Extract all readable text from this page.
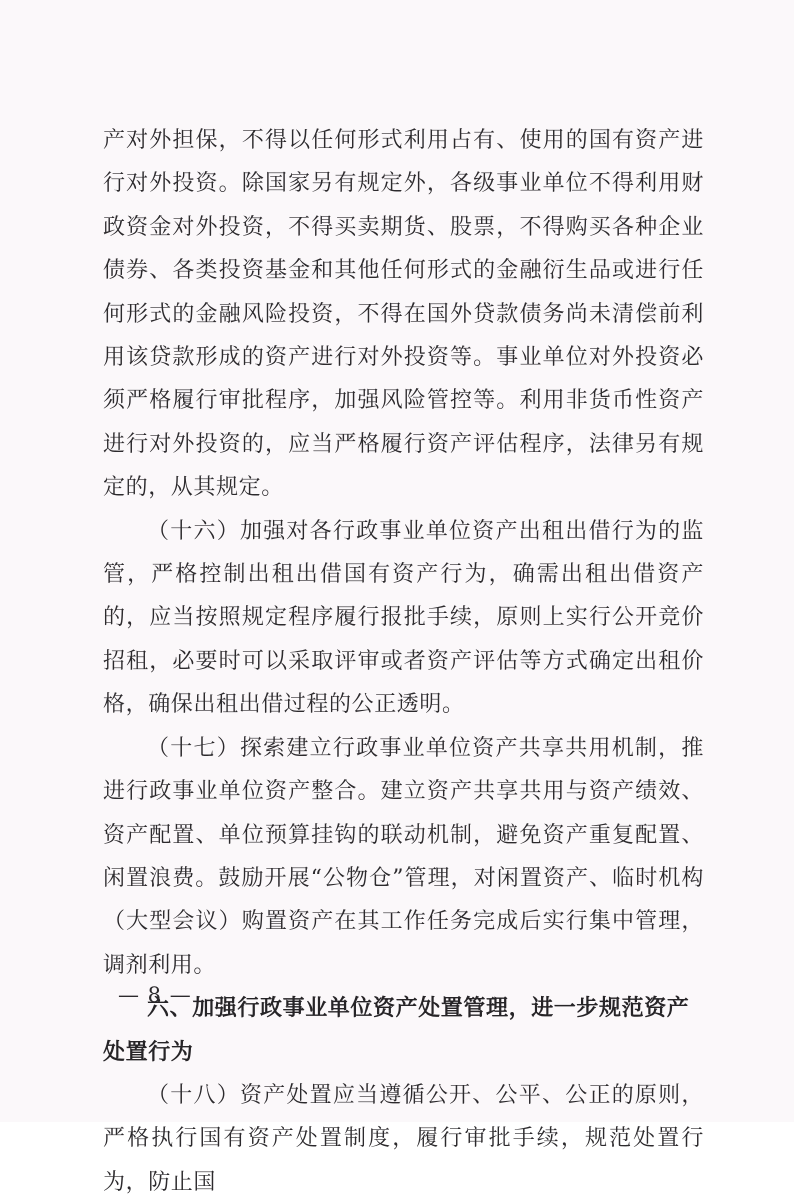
产对外担保，不得以任何形式利用占有、使用的国有资产进行对外投资。除国家另有规定外，各级事业单位不得利用财政资金对外投资，不得买卖期货、股票，不得购买各种企业债券、各类投资基金和其他任何形式的金融衍生品或进行任何形式的金融风险投资，不得在国外贷款债务尚未清偿前利用该贷款形成的资产进行对外投资等。事业单位对外投资必须严格履行审批程序，加强风险管控等。利用非货币性资产进行对外投资的，应当严格履行资产评估程序，法律另有规定的，从其规定。

（十六）加强对各行政事业单位资产出租出借行为的监管，严格控制出租出借国有资产行为，确需出租出借资产的，应当按照规定程序履行报批手续，原则上实行公开竞价招租，必要时可以采取评审或者资产评估等方式确定出租价格，确保出租出借过程的公正透明。

（十七）探索建立行政事业单位资产共享共用机制，推进行政事业单位资产整合。建立资产共享共用与资产绩效、资产配置、单位预算挂钩的联动机制，避免资产重复配置、闲置浪费。鼓励开展“公物仓”管理，对闲置资产、临时机构（大型会议）购置资产在其工作任务完成后实行集中管理，调剂利用。

六、加强行政事业单位资产处置管理，进一步规范资产处置行为

（十八）资产处置应当遵循公开、公平、公正的原则，严格执行国有资产处置制度，履行审批手续，规范处置行为，防止国

— 8 —
